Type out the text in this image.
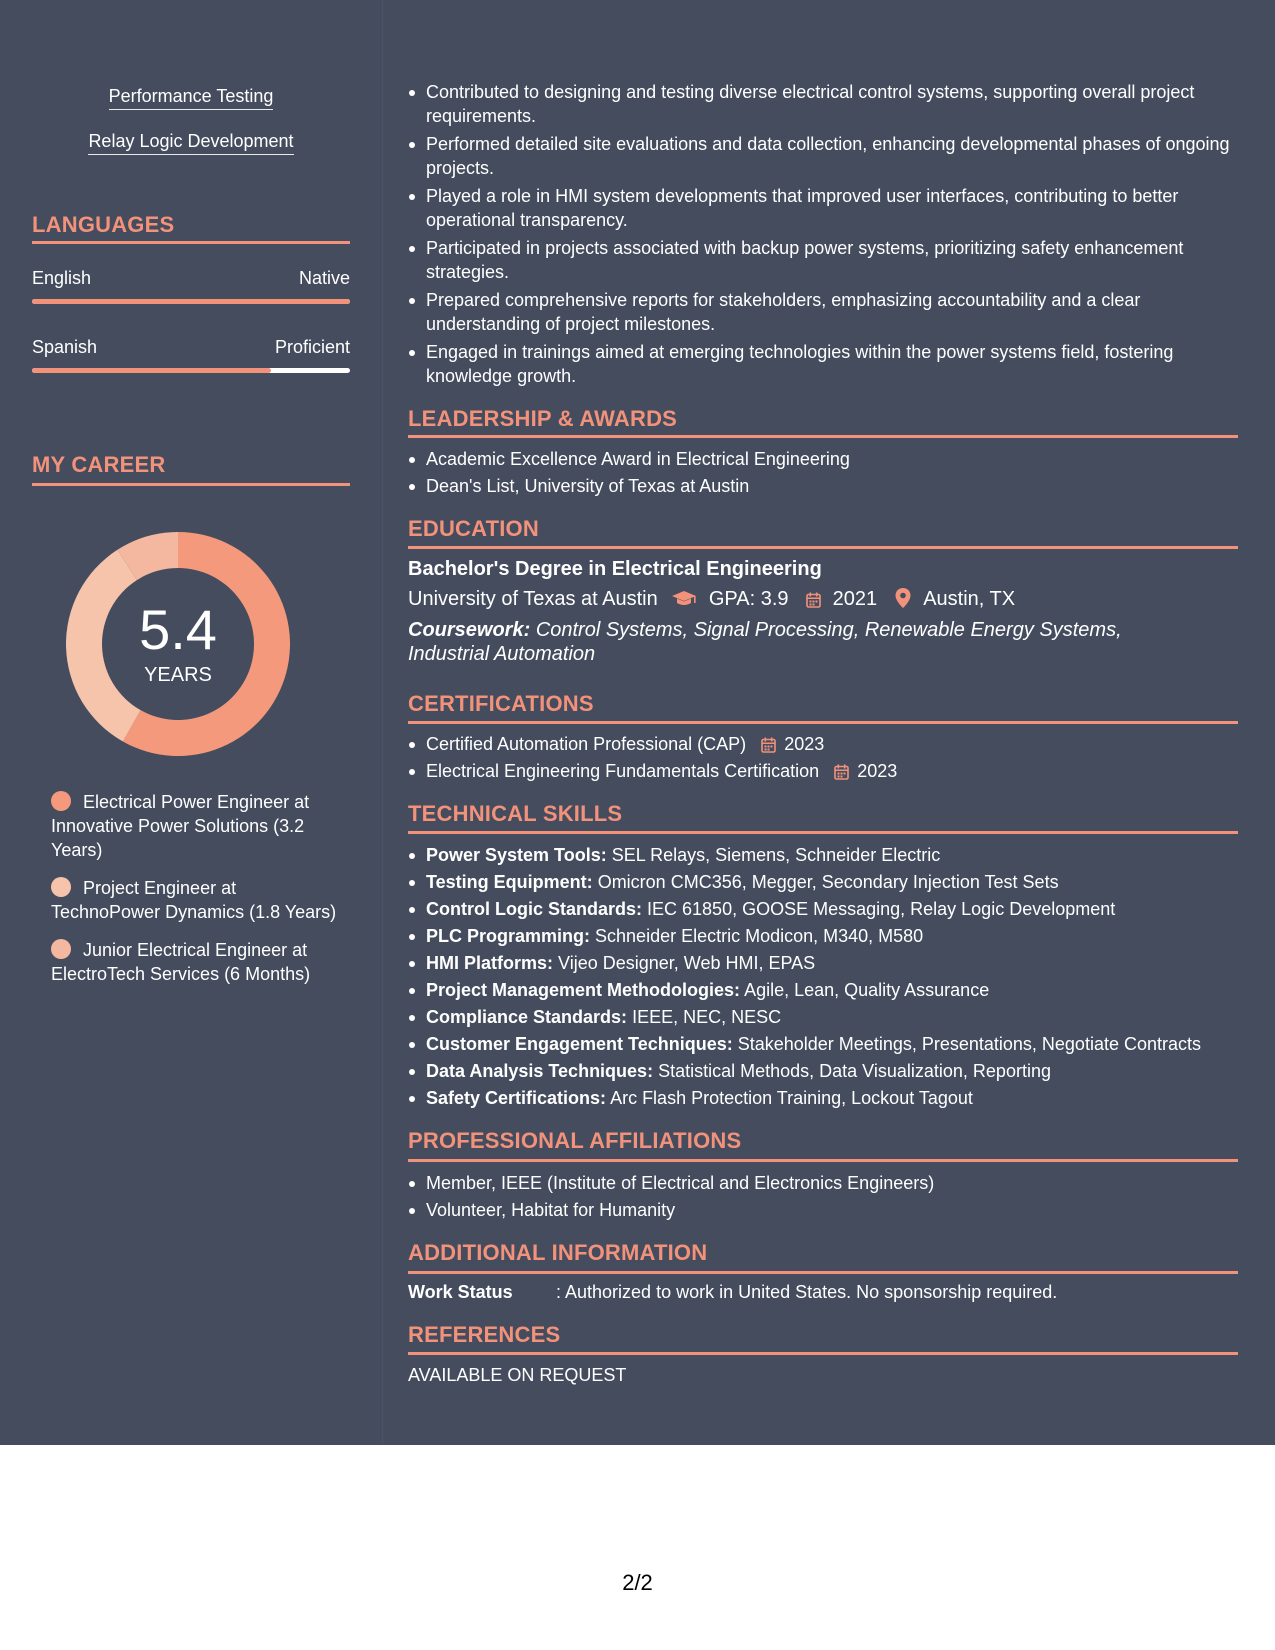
Performance Testing
Relay Logic Development
LANGUAGES
English	Native
Spanish	Proficient
MY CAREER
5.4
YEARS
Electrical Power Engineer at Innovative Power Solutions (3.2 Years)
Project Engineer at TechnoPower Dynamics (1.8 Years)
Junior Electrical Engineer at ElectroTech Services (6 Months)
Contributed to designing and testing diverse electrical control systems, supporting overall project requirements.
Performed detailed site evaluations and data collection, enhancing developmental phases of ongoing projects.
Played a role in HMI system developments that improved user interfaces, contributing to better operational transparency.
Participated in projects associated with backup power systems, prioritizing safety enhancement strategies.
Prepared comprehensive reports for stakeholders, emphasizing accountability and a clear understanding of project milestones.
Engaged in trainings aimed at emerging technologies within the power systems field, fostering knowledge growth.
LEADERSHIP & AWARDS
Academic Excellence Award in Electrical Engineering
Dean's List, University of Texas at Austin
EDUCATION
Bachelor's Degree in Electrical Engineering
University of Texas at Austin	GPA: 3.9 2021 Austin, TX
Coursework: Control Systems, Signal Processing, Renewable Energy Systems, Industrial Automation
CERTIFICATIONS
Certified Automation Professional (CAP) 2023
Electrical Engineering Fundamentals Certification 2023
TECHNICAL SKILLS
Power System Tools: SEL Relays, Siemens, Schneider Electric
Testing Equipment: Omicron CMC356, Megger, Secondary Injection Test Sets
Control Logic Standards: IEC 61850, GOOSE Messaging, Relay Logic Development
PLC Programming: Schneider Electric Modicon, M340, M580
HMI Platforms: Vijeo Designer, Web HMI, EPAS
Project Management Methodologies: Agile, Lean, Quality Assurance
Compliance Standards: IEEE, NEC, NESC
Customer Engagement Techniques: Stakeholder Meetings, Presentations, Negotiate Contracts
Data Analysis Techniques: Statistical Methods, Data Visualization, Reporting
Safety Certifications: Arc Flash Protection Training, Lockout Tagout
PROFESSIONAL AFFILIATIONS
Member, IEEE (Institute of Electrical and Electronics Engineers)
Volunteer, Habitat for Humanity
ADDITIONAL INFORMATION
Work Status : Authorized to work in United States. No sponsorship required.
REFERENCES
AVAILABLE ON REQUEST
2/2
